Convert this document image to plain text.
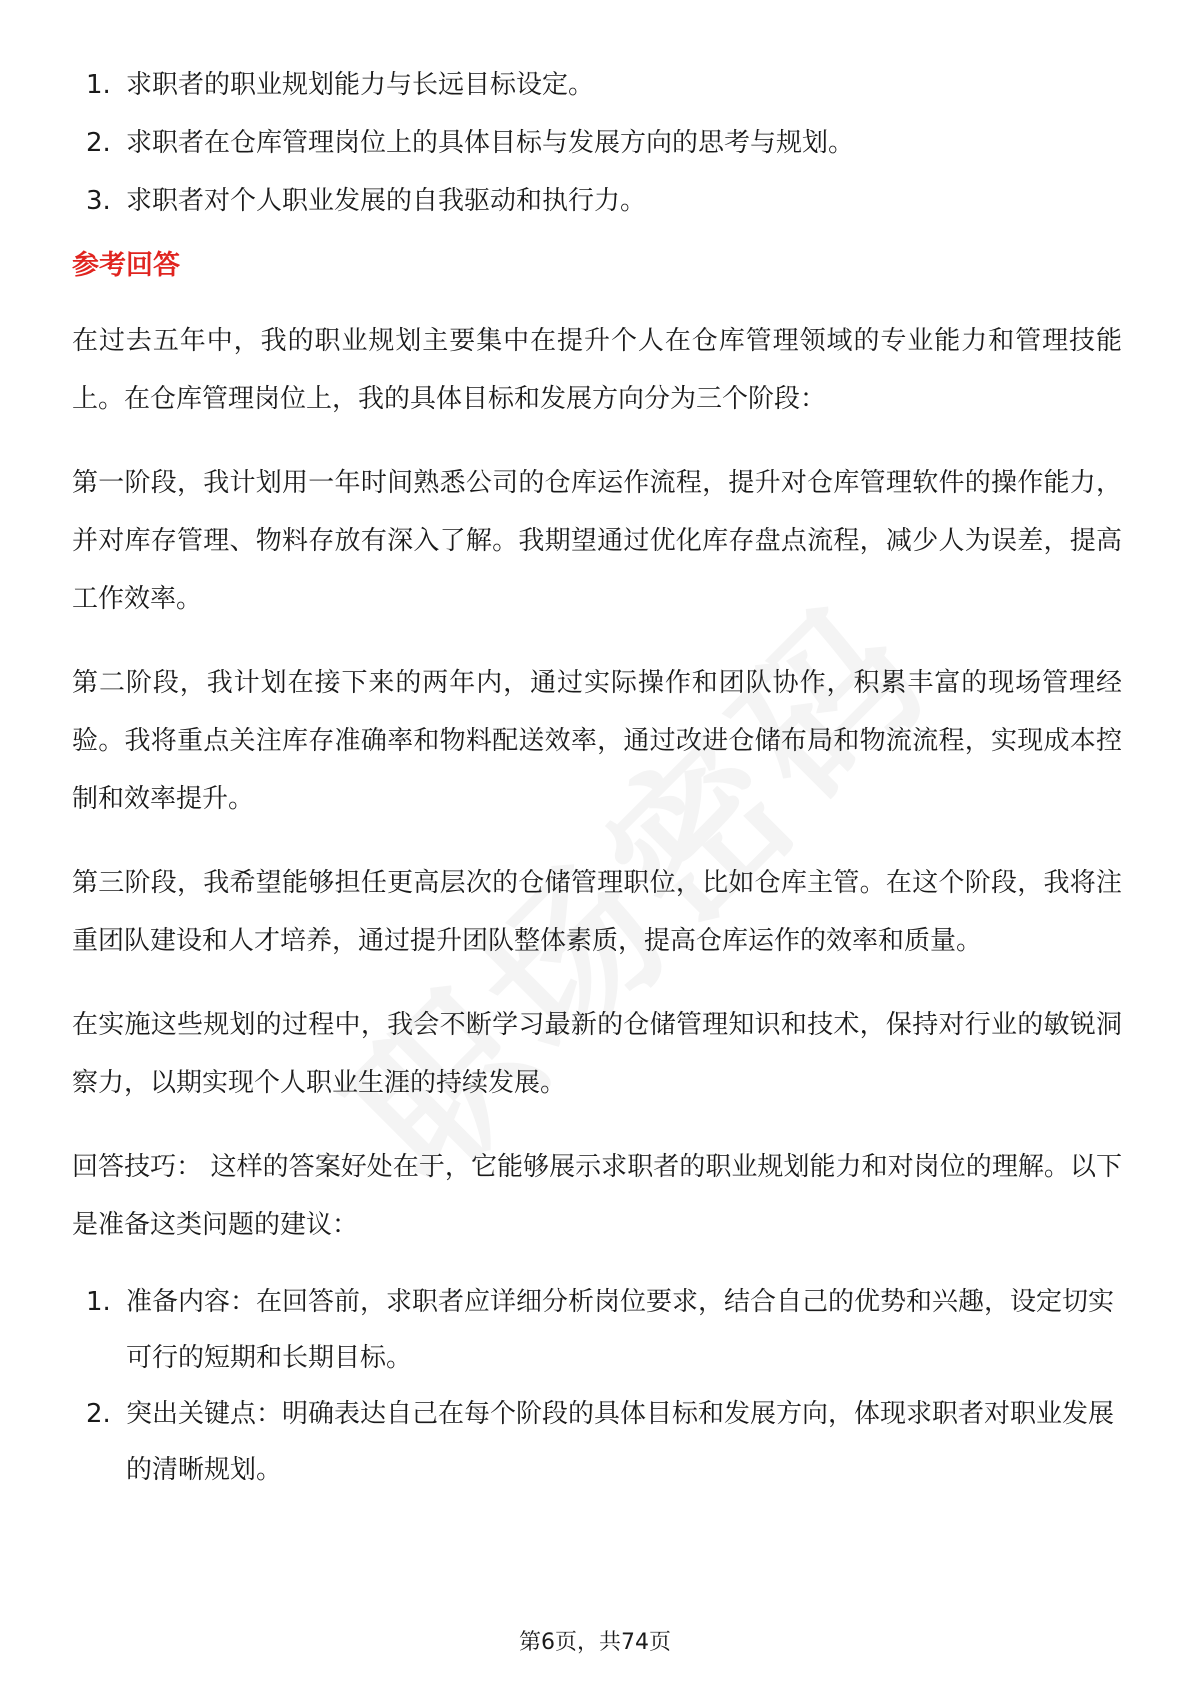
1. 求职者的职业规划能力与长远目标设定。
2. 求职者在仓库管理岗位上的具体目标与发展方向的思考与规划。
3. 求职者对个人职业发展的自我驱动和执行力。
参考回答

在过去五年中，我的职业规划主要集中在提升个人在仓库管理领域的专业能力和管理技能上。在仓库管理岗位上，我的具体目标和发展方向分为三个阶段：

第一阶段，我计划用一年时间熟悉公司的仓库运作流程，提升对仓库管理软件的操作能力，并对库存管理、物料存放有深入了解。我期望通过优化库存盘点流程，减少人为误差，提高工作效率。

第二阶段，我计划在接下来的两年内，通过实际操作和团队协作，积累丰富的现场管理经验。我将重点关注库存准确率和物料配送效率，通过改进仓储布局和物流流程，实现成本控制和效率提升。

第三阶段，我希望能够担任更高层次的仓储管理职位，比如仓库主管。在这个阶段，我将注重团队建设和人才培养，通过提升团队整体素质，提高仓库运作的效率和质量。

在实施这些规划的过程中，我会不断学习最新的仓储管理知识和技术，保持对行业的敏锐洞察力，以期实现个人职业生涯的持续发展。

回答技巧： 这样的答案好处在于，它能够展示求职者的职业规划能力和对岗位的理解。以下是准备这类问题的建议：

1. 准备内容：在回答前，求职者应详细分析岗位要求，结合自己的优势和兴趣，设定切实可行的短期和长期目标。
2. 突出关键点：明确表达自己在每个阶段的具体目标和发展方向，体现求职者对职业发展的清晰规划。
第6页，共74页
